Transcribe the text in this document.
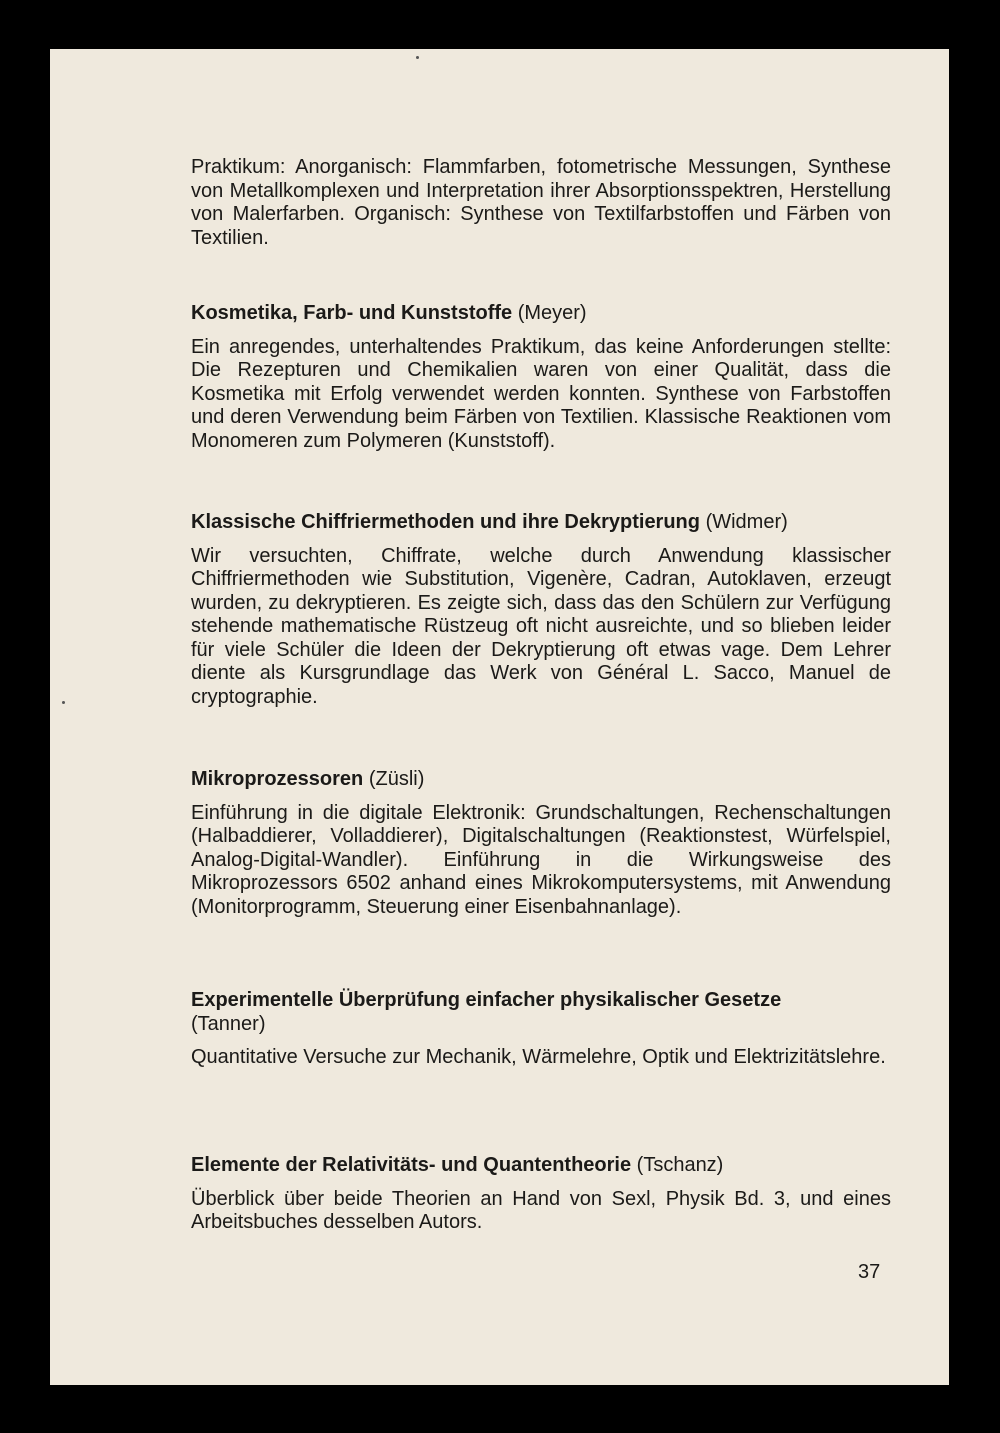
Praktikum: Anorganisch: Flammfarben, fotometrische Messungen, Synthese von Metallkomplexen und Interpretation ihrer Absorptionsspektren, Herstellung von Malerfarben. Organisch: Synthese von Textilfarbstoffen und Färben von Textilien.

Kosmetika, Farb- und Kunststoffe (Meyer)

Ein anregendes, unterhaltendes Praktikum, das keine Anforderungen stellte: Die Rezepturen und Chemikalien waren von einer Qualität, dass die Kosmetika mit Erfolg verwendet werden konnten. Synthese von Farbstoffen und deren Verwendung beim Färben von Textilien. Klassische Reaktionen vom Monomeren zum Polymeren (Kunststoff).

Klassische Chiffriermethoden und ihre Dekryptierung (Widmer)

Wir versuchten, Chiffrate, welche durch Anwendung klassischer Chiffriermethoden wie Substitution, Vigenère, Cadran, Autoklaven, erzeugt wurden, zu dekryptieren. Es zeigte sich, dass das den Schülern zur Verfügung stehende mathematische Rüstzeug oft nicht ausreichte, und so blieben leider für viele Schüler die Ideen der Dekryptierung oft etwas vage. Dem Lehrer diente als Kursgrundlage das Werk von Général L. Sacco, Manuel de cryptographie.

Mikroprozessoren (Züsli)

Einführung in die digitale Elektronik: Grundschaltungen, Rechenschaltungen (Halbaddierer, Volladdierer), Digitalschaltungen (Reaktionstest, Würfelspiel, Analog-Digital-Wandler). Einführung in die Wirkungsweise des Mikroprozessors 6502 anhand eines Mikrokomputersystems, mit Anwendung (Monitorprogramm, Steuerung einer Eisenbahnanlage).

Experimentelle Überprüfung einfacher physikalischer Gesetze
(Tanner)

Quantitative Versuche zur Mechanik, Wärmelehre, Optik und Elektrizitätslehre.

Elemente der Relativitäts- und Quantentheorie (Tschanz)

Überblick über beide Theorien an Hand von Sexl, Physik Bd. 3, und eines Arbeitsbuches desselben Autors.

37
